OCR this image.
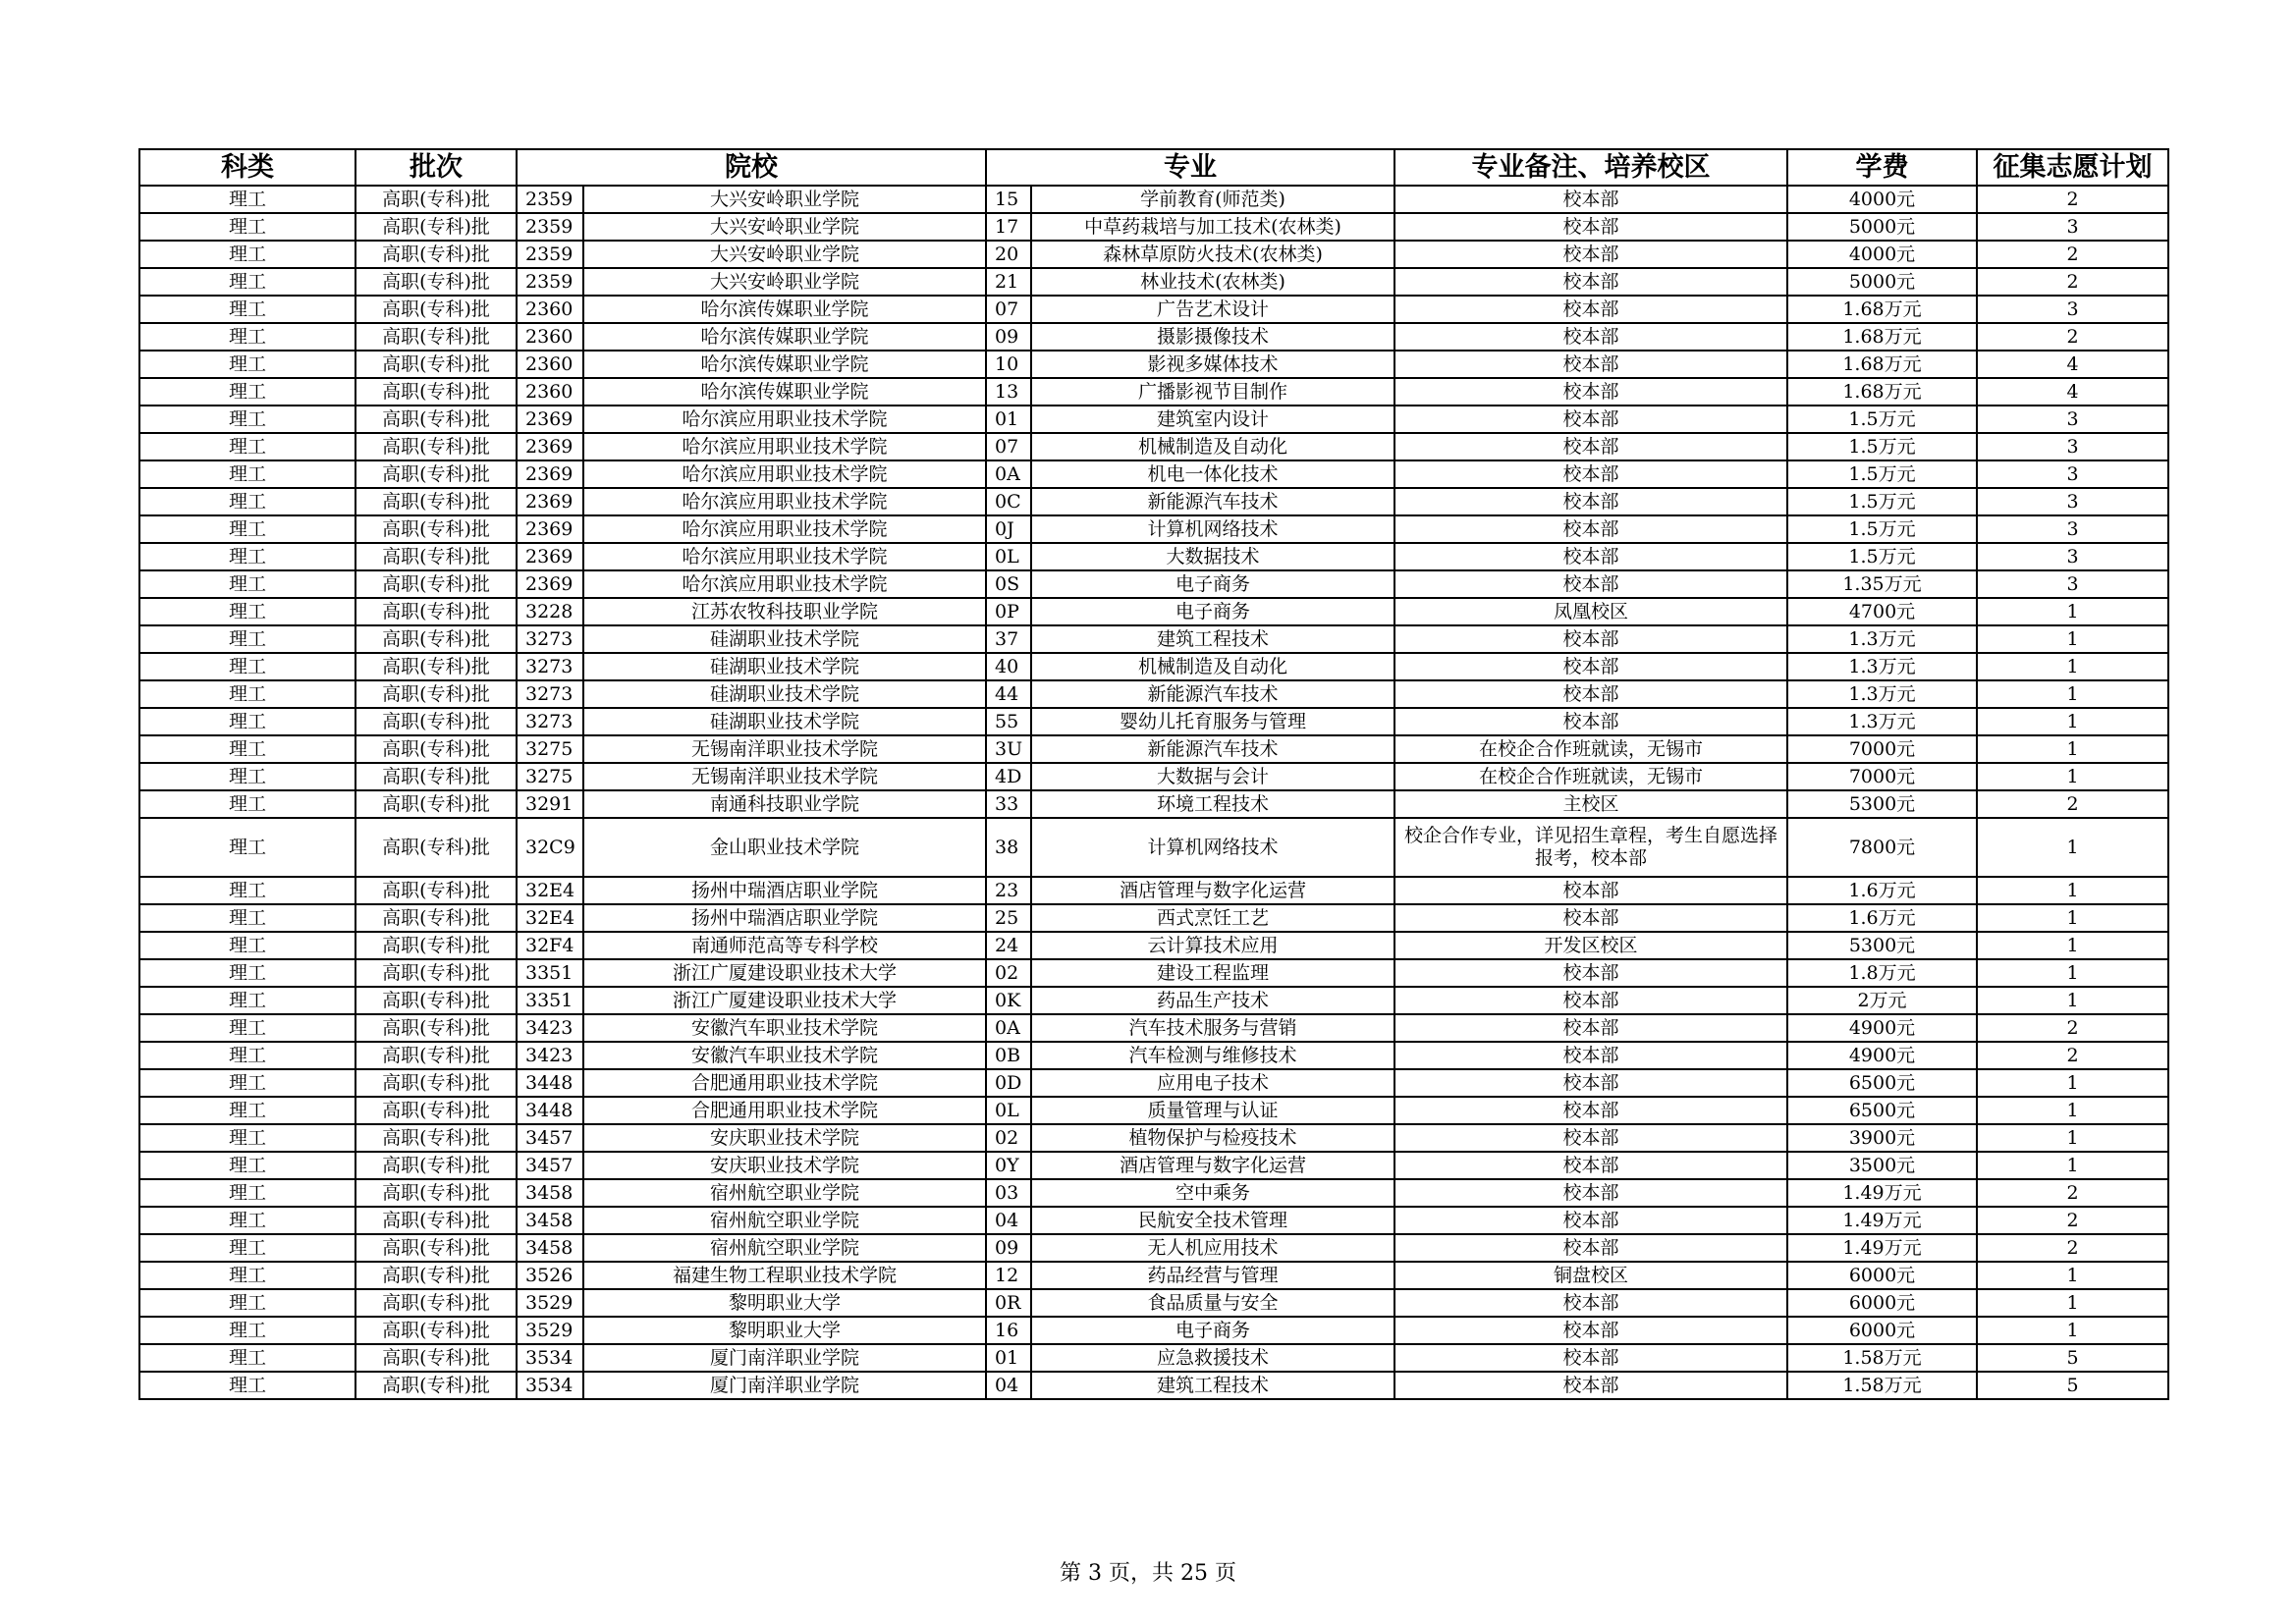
科类	批次	院校		专业		专业备注、培养校区	学费	征集志愿计划
理工	高职(专科)批	2359	大兴安岭职业学院	15	学前教育(师范类)	校本部	4000元	2
理工	高职(专科)批	2359	大兴安岭职业学院	17	中草药栽培与加工技术(农林类)	校本部	5000元	3
理工	高职(专科)批	2359	大兴安岭职业学院	20	森林草原防火技术(农林类)	校本部	4000元	2
理工	高职(专科)批	2359	大兴安岭职业学院	21	林业技术(农林类)	校本部	5000元	2
理工	高职(专科)批	2360	哈尔滨传媒职业学院	07	广告艺术设计	校本部	1.68万元	3
理工	高职(专科)批	2360	哈尔滨传媒职业学院	09	摄影摄像技术	校本部	1.68万元	2
理工	高职(专科)批	2360	哈尔滨传媒职业学院	10	影视多媒体技术	校本部	1.68万元	4
理工	高职(专科)批	2360	哈尔滨传媒职业学院	13	广播影视节目制作	校本部	1.68万元	4
理工	高职(专科)批	2369	哈尔滨应用职业技术学院	01	建筑室内设计	校本部	1.5万元	3
理工	高职(专科)批	2369	哈尔滨应用职业技术学院	07	机械制造及自动化	校本部	1.5万元	3
理工	高职(专科)批	2369	哈尔滨应用职业技术学院	0A	机电一体化技术	校本部	1.5万元	3
理工	高职(专科)批	2369	哈尔滨应用职业技术学院	0C	新能源汽车技术	校本部	1.5万元	3
理工	高职(专科)批	2369	哈尔滨应用职业技术学院	0J	计算机网络技术	校本部	1.5万元	3
理工	高职(专科)批	2369	哈尔滨应用职业技术学院	0L	大数据技术	校本部	1.5万元	3
理工	高职(专科)批	2369	哈尔滨应用职业技术学院	0S	电子商务	校本部	1.35万元	3
理工	高职(专科)批	3228	江苏农牧科技职业学院	0P	电子商务	凤凰校区	4700元	1
理工	高职(专科)批	3273	硅湖职业技术学院	37	建筑工程技术	校本部	1.3万元	1
理工	高职(专科)批	3273	硅湖职业技术学院	40	机械制造及自动化	校本部	1.3万元	1
理工	高职(专科)批	3273	硅湖职业技术学院	44	新能源汽车技术	校本部	1.3万元	1
理工	高职(专科)批	3273	硅湖职业技术学院	55	婴幼儿托育服务与管理	校本部	1.3万元	1
理工	高职(专科)批	3275	无锡南洋职业技术学院	3U	新能源汽车技术	在校企合作班就读，无锡市	7000元	1
理工	高职(专科)批	3275	无锡南洋职业技术学院	4D	大数据与会计	在校企合作班就读，无锡市	7000元	1
理工	高职(专科)批	3291	南通科技职业学院	33	环境工程技术	主校区	5300元	2
理工	高职(专科)批	32C9	金山职业技术学院	38	计算机网络技术	校企合作专业，详见招生章程，考生自愿选择报考，校本部	7800元	1
理工	高职(专科)批	32E4	扬州中瑞酒店职业学院	23	酒店管理与数字化运营	校本部	1.6万元	1
理工	高职(专科)批	32E4	扬州中瑞酒店职业学院	25	西式烹饪工艺	校本部	1.6万元	1
理工	高职(专科)批	32F4	南通师范高等专科学校	24	云计算技术应用	开发区校区	5300元	1
理工	高职(专科)批	3351	浙江广厦建设职业技术大学	02	建设工程监理	校本部	1.8万元	1
理工	高职(专科)批	3351	浙江广厦建设职业技术大学	0K	药品生产技术	校本部	2万元	1
理工	高职(专科)批	3423	安徽汽车职业技术学院	0A	汽车技术服务与营销	校本部	4900元	2
理工	高职(专科)批	3423	安徽汽车职业技术学院	0B	汽车检测与维修技术	校本部	4900元	2
理工	高职(专科)批	3448	合肥通用职业技术学院	0D	应用电子技术	校本部	6500元	1
理工	高职(专科)批	3448	合肥通用职业技术学院	0L	质量管理与认证	校本部	6500元	1
理工	高职(专科)批	3457	安庆职业技术学院	02	植物保护与检疫技术	校本部	3900元	1
理工	高职(专科)批	3457	安庆职业技术学院	0Y	酒店管理与数字化运营	校本部	3500元	1
理工	高职(专科)批	3458	宿州航空职业学院	03	空中乘务	校本部	1.49万元	2
理工	高职(专科)批	3458	宿州航空职业学院	04	民航安全技术管理	校本部	1.49万元	2
理工	高职(专科)批	3458	宿州航空职业学院	09	无人机应用技术	校本部	1.49万元	2
理工	高职(专科)批	3526	福建生物工程职业技术学院	12	药品经营与管理	铜盘校区	6000元	1
理工	高职(专科)批	3529	黎明职业大学	0R	食品质量与安全	校本部	6000元	1
理工	高职(专科)批	3529	黎明职业大学	16	电子商务	校本部	6000元	1
理工	高职(专科)批	3534	厦门南洋职业学院	01	应急救援技术	校本部	1.58万元	5
理工	高职(专科)批	3534	厦门南洋职业学院	04	建筑工程技术	校本部	1.58万元	5
第 3 页，共 25 页
